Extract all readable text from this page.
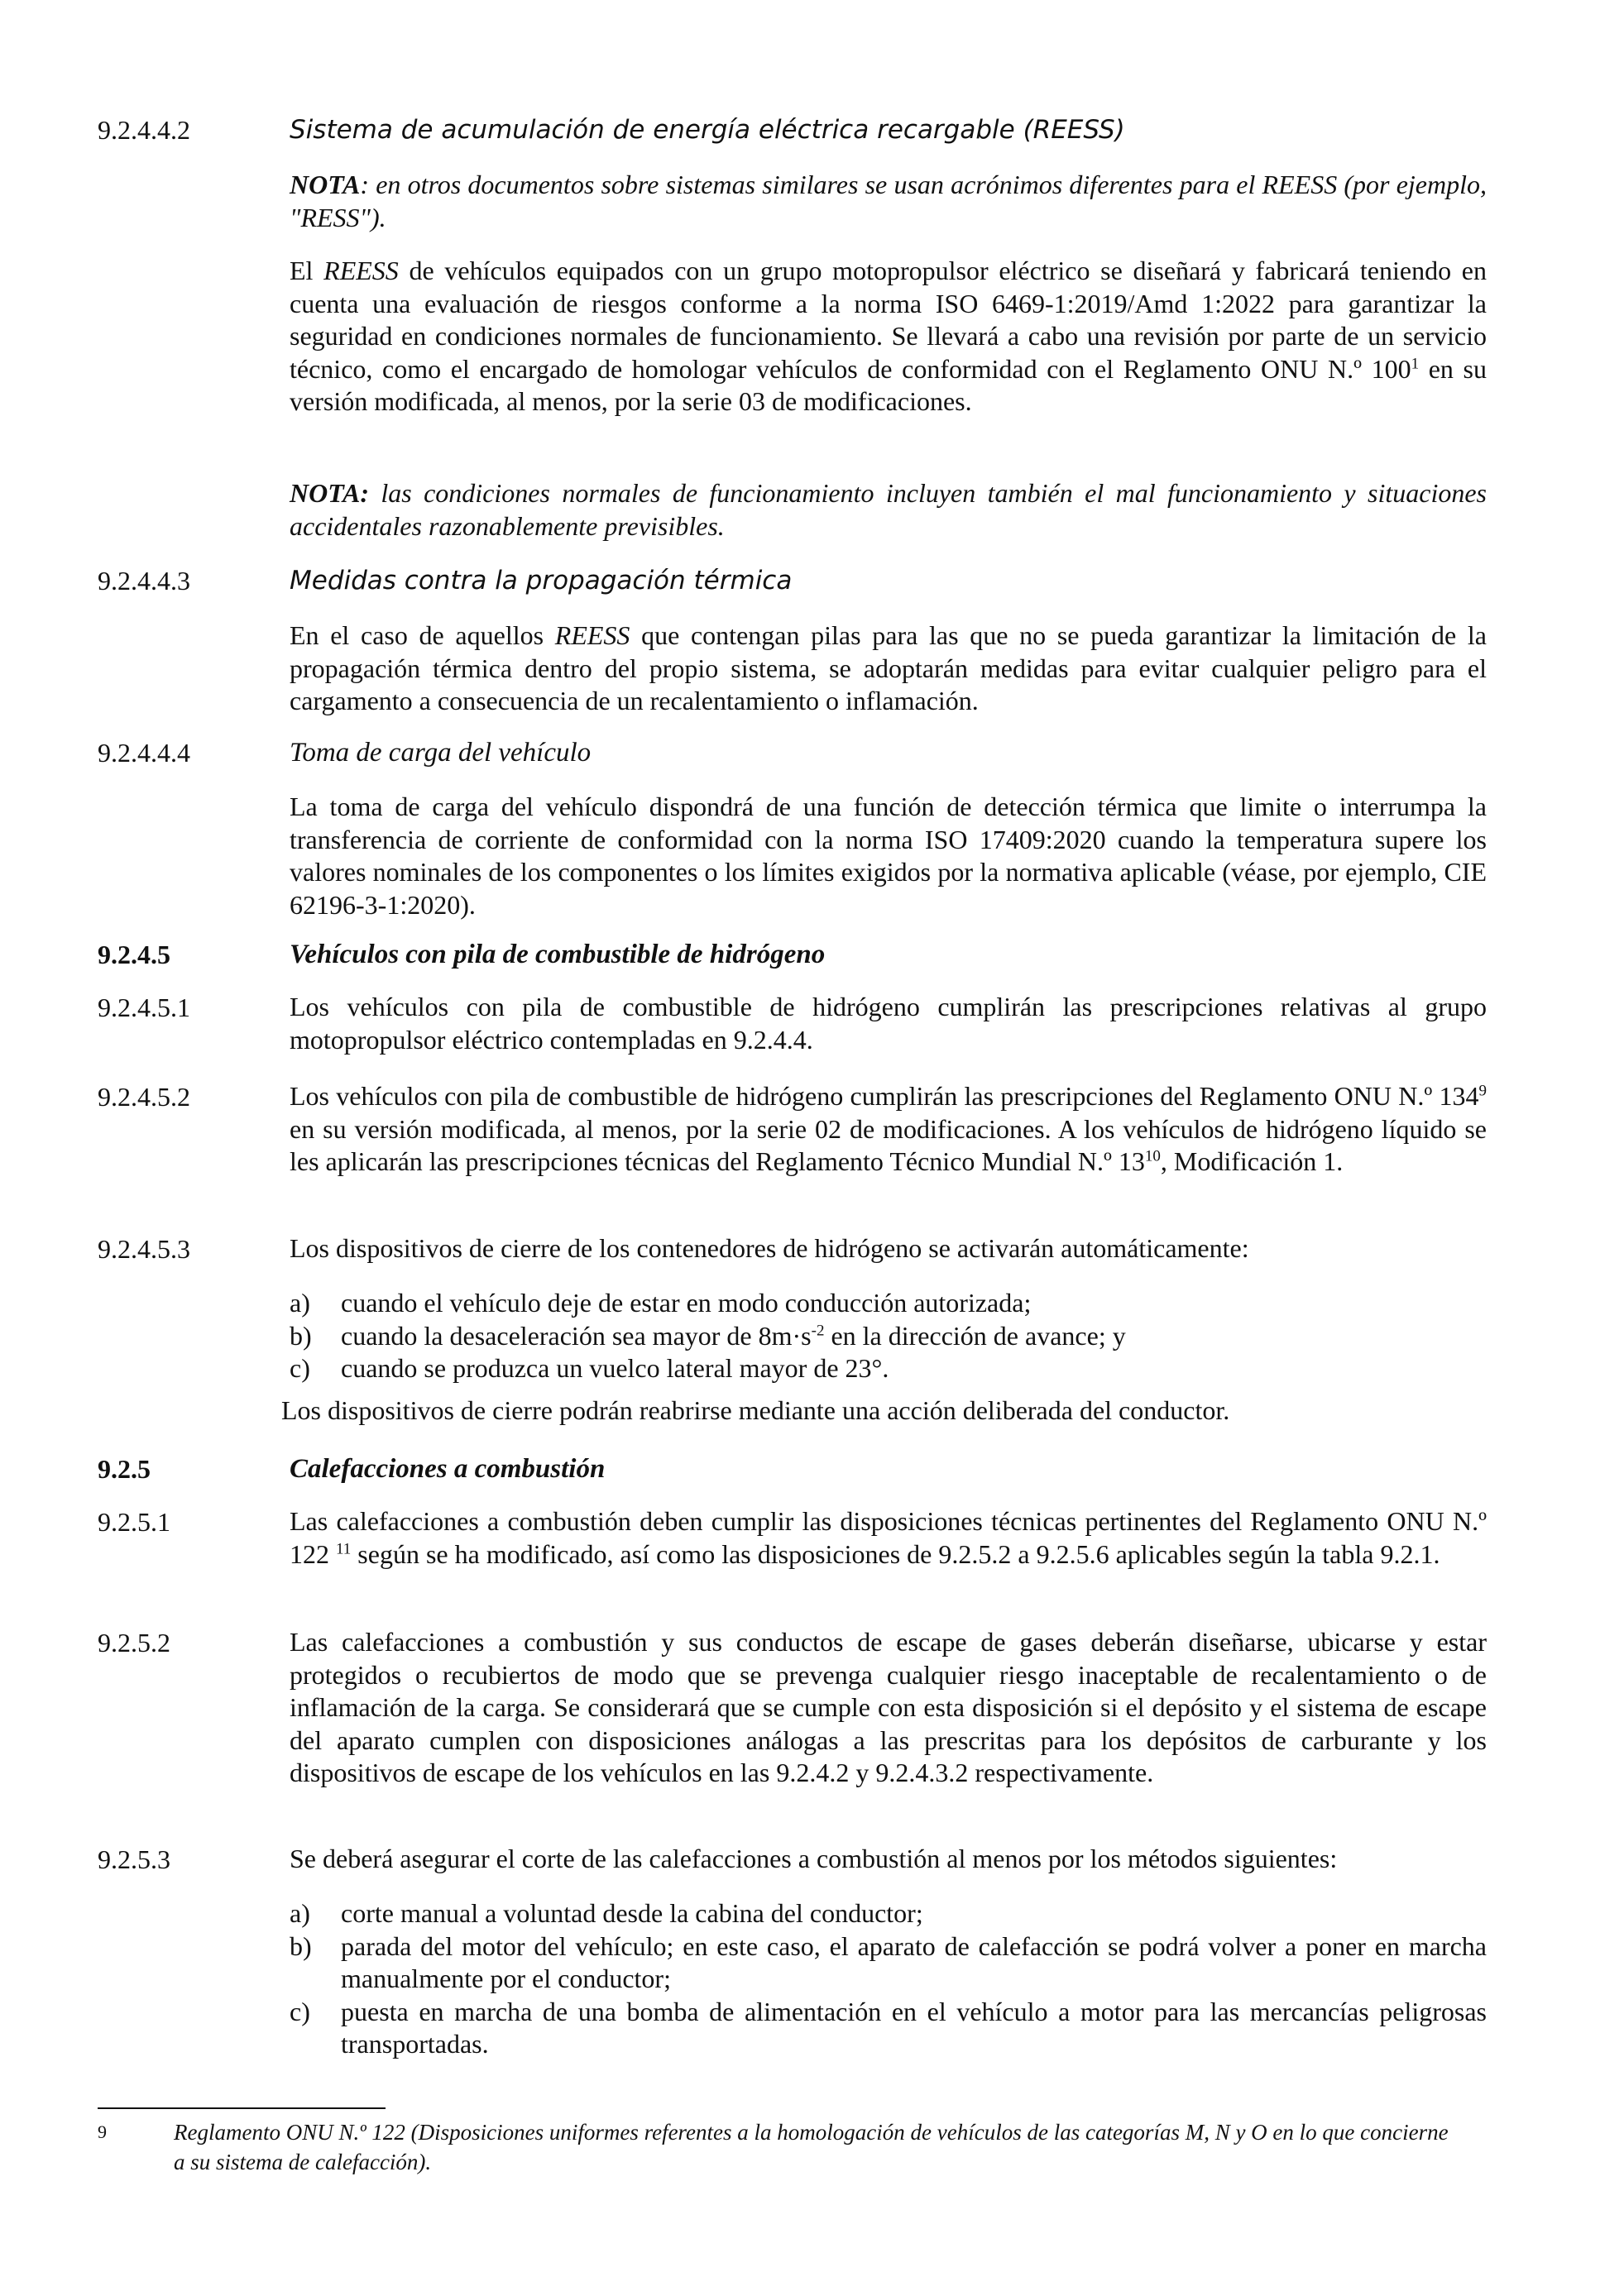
9.2.4.4.2	Sistema de acumulación de energía eléctrica recargable (REESS)
NOTA: en otros documentos sobre sistemas similares se usan acrónimos diferentes para el REESS (por ejemplo, "RESS").
El REESS de vehículos equipados con un grupo motopropulsor eléctrico se diseñará y fabricará teniendo en cuenta una evaluación de riesgos conforme a la norma ISO 6469-1:2019/Amd 1:2022 para garantizar la seguridad en condiciones normales de funcionamiento. Se llevará a cabo una revisión por parte de un servicio técnico, como el encargado de homologar vehículos de conformidad con el Reglamento ONU N.º $100^1$ en su versión modificada, al menos, por la serie 03 de modificaciones.
NOTA: las condiciones normales de funcionamiento incluyen también el mal funcionamiento y situaciones accidentales razonablemente previsibles.
9.2.4.4.3	Medidas contra la propagación térmica
En el caso de aquellos REESS que contengan pilas para las que no se pueda garantizar la limitación de la propagación térmica dentro del propio sistema, se adoptarán medidas para evitar cualquier peligro para el cargamento a consecuencia de un recalentamiento o inflamación.
9.2.4.4.4	Toma de carga del vehículo
La toma de carga del vehículo dispondrá de una función de detección térmica que limite o interrumpa la transferencia de corriente de conformidad con la norma ISO 17409:2020 cuando la temperatura supere los valores nominales de los componentes o los límites exigidos por la normativa aplicable (véase, por ejemplo, CIE 62196-3-1:2020).
9.2.4.5	Vehículos con pila de combustible de hidrógeno
9.2.4.5.1	Los vehículos con pila de combustible de hidrógeno cumplirán las prescripciones relativas al grupo motopropulsor eléctrico contempladas en 9.2.4.4.
9.2.4.5.2	Los vehículos con pila de combustible de hidrógeno cumplirán las prescripciones del Reglamento ONU N.º $134^9$ en su versión modificada, al menos, por la serie 02 de modificaciones. A los vehículos de hidrógeno líquido se les aplicarán las prescripciones técnicas del Reglamento Técnico Mundial N.º $13^{10}$, Modificación 1.
9.2.4.5.3	Los dispositivos de cierre de los contenedores de hidrógeno se activarán automáticamente:
a) cuando el vehículo deje de estar en modo conducción autorizada;
b) cuando la desaceleración sea mayor de $8m\cdot s^{-2}$ en la dirección de avance; y
c) cuando se produzca un vuelco lateral mayor de 23°.
Los dispositivos de cierre podrán reabrirse mediante una acción deliberada del conductor.
9.2.5	Calefacciones a combustión
9.2.5.1	Las calefacciones a combustión deben cumplir las disposiciones técnicas pertinentes del Reglamento ONU N.º 122 $^{11}$ según se ha modificado, así como las disposiciones de 9.2.5.2 a 9.2.5.6 aplicables según la tabla 9.2.1.
9.2.5.2	Las calefacciones a combustión y sus conductos de escape de gases deberán diseñarse, ubicarse y estar protegidos o recubiertos de modo que se prevenga cualquier riesgo inaceptable de recalentamiento o de inflamación de la carga. Se considerará que se cumple con esta disposición si el depósito y el sistema de escape del aparato cumplen con disposiciones análogas a las prescritas para los depósitos de carburante y los dispositivos de escape de los vehículos en las 9.2.4.2 y 9.2.4.3.2 respectivamente.
9.2.5.3	Se deberá asegurar el corte de las calefacciones a combustión al menos por los métodos siguientes:
a) corte manual a voluntad desde la cabina del conductor;
b) parada del motor del vehículo; en este caso, el aparato de calefacción se podrá volver a poner en marcha manualmente por el conductor;
c) puesta en marcha de una bomba de alimentación en el vehículo a motor para las mercancías peligrosas transportadas.
9	Reglamento ONU N.º 122 (Disposiciones uniformes referentes a la homologación de vehículos de las categorías M, N y O en lo que concierne a su sistema de calefacción).
